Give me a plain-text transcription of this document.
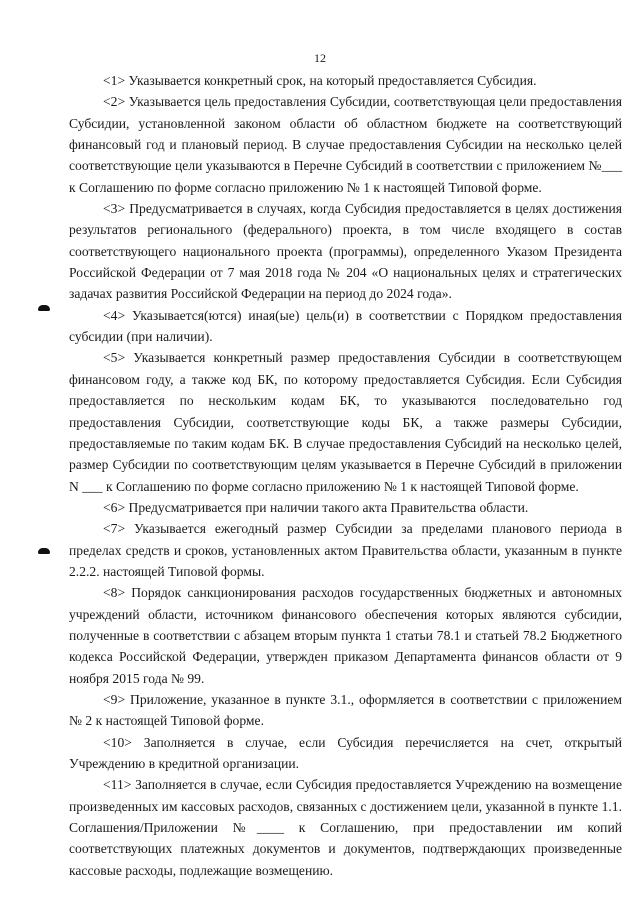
12

<1> Указывается конкретный срок, на который предоставляется Субсидия.

<2> Указывается цель предоставления Субсидии, соответствующая цели предоставления Субсидии, установленной законом области об областном бюджете на соответствующий финансовый год и плановый период. В случае предоставления Субсидии на несколько целей соответствующие цели указываются в Перечне Субсидий в соответствии с приложением №___ к Соглашению по форме согласно приложению № 1 к настоящей Типовой форме.

<3> Предусматривается в случаях, когда Субсидия предоставляется в целях достижения результатов регионального (федерального) проекта, в том числе входящего в состав соответствующего национального проекта (программы), определенного Указом Президента Российской Федерации от 7 мая 2018 года № 204 «О национальных целях и стратегических задачах развития Российской Федерации на период до 2024 года».

<4> Указывается(ются) иная(ые) цель(и) в соответствии с Порядком предоставления субсидии (при наличии).

<5> Указывается конкретный размер предоставления Субсидии в соответствующем финансовом году, а также код БК, по которому предоставляется Субсидия. Если Субсидия предоставляется по нескольким кодам БК, то указываются последовательно год предоставления Субсидии, соответствующие коды БК, а также размеры Субсидии, предоставляемые по таким кодам БК. В случае предоставления Субсидий на несколько целей, размер Субсидии по соответствующим целям указывается в Перечне Субсидий в приложении N ___ к Соглашению по форме согласно приложению № 1 к настоящей Типовой форме.

<6> Предусматривается при наличии такого акта Правительства области.

<7> Указывается ежегодный размер Субсидии за пределами планового периода в пределах средств и сроков, установленных актом Правительства области, указанным в пункте 2.2.2. настоящей Типовой формы.

<8> Порядок санкционирования расходов государственных бюджетных и автономных учреждений области, источником финансового обеспечения которых являются субсидии, полученные в соответствии с абзацем вторым пункта 1 статьи 78.1 и статьей 78.2 Бюджетного кодекса Российской Федерации, утвержден приказом Департамента финансов области от 9 ноября 2015 года № 99.

<9> Приложение, указанное в пункте 3.1., оформляется в соответствии с приложением № 2 к настоящей Типовой форме.

<10> Заполняется в случае, если Субсидия перечисляется на счет, открытый Учреждению в кредитной организации.

<11> Заполняется в случае, если Субсидия предоставляется Учреждению на возмещение произведенных им кассовых расходов, связанных с достижением цели, указанной в пункте 1.1. Соглашения/Приложении №____ к Соглашению, при предоставлении им копий соответствующих платежных документов и документов, подтверждающих произведенные кассовые расходы, подлежащие возмещению.
